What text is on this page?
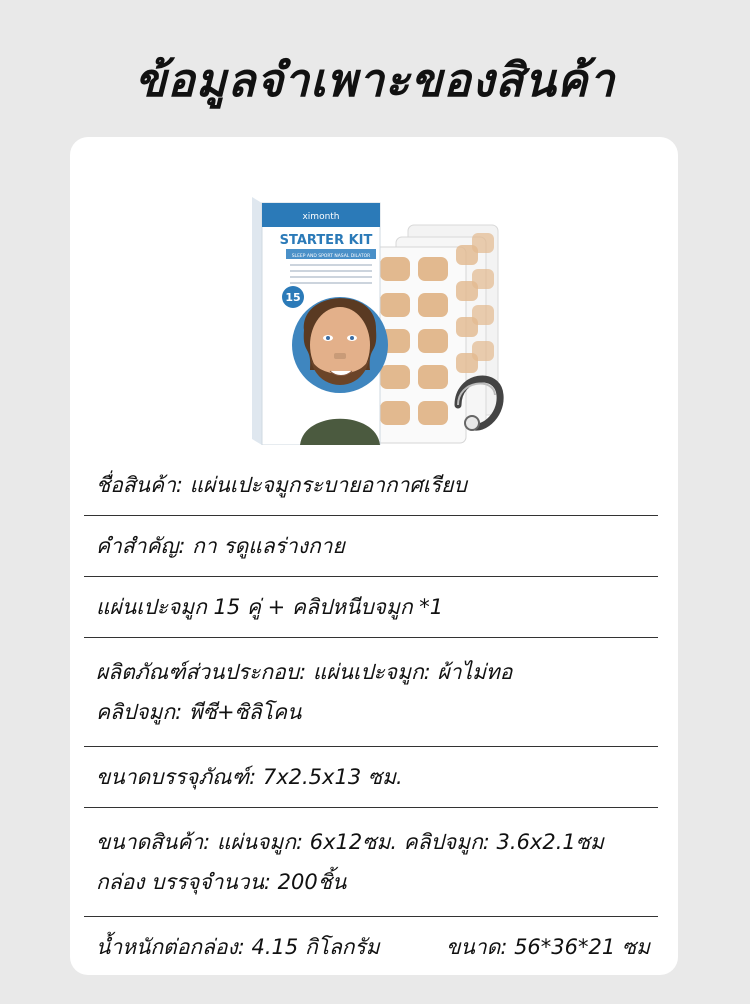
ข้อมูลจำเพาะของสินค้า
ximonth
STARTER KIT
SLEEP AND SPORT NASAL DILATOR
15
ชื่อสินค้า: แผ่นเปะจมูกระบายอากาศเรียบ
คำสำคัญ: กา รดูแลร่างกาย
แผ่นเปะจมูก 15 คู่ + คลิปหนีบจมูก *1
ผลิตภัณฑ์ส่วนประกอบ: แผ่นเปะจมูก: ผ้าไม่ทอ
คลิปจมูก: พีซี+ซิลิโคน
ขนาดบรรจุภัณฑ์: 7x2.5x13 ซม.
ขนาดสินค้า: แผ่นจมูก: 6x12ซม. คลิปจมูก: 3.6x2.1ซม
กล่อง บรรจุจำนวน: 200ชิ้น
น้ำหนักต่อกล่อง: 4.15 กิโลกรัม	ขนาด: 56*36*21 ซม
